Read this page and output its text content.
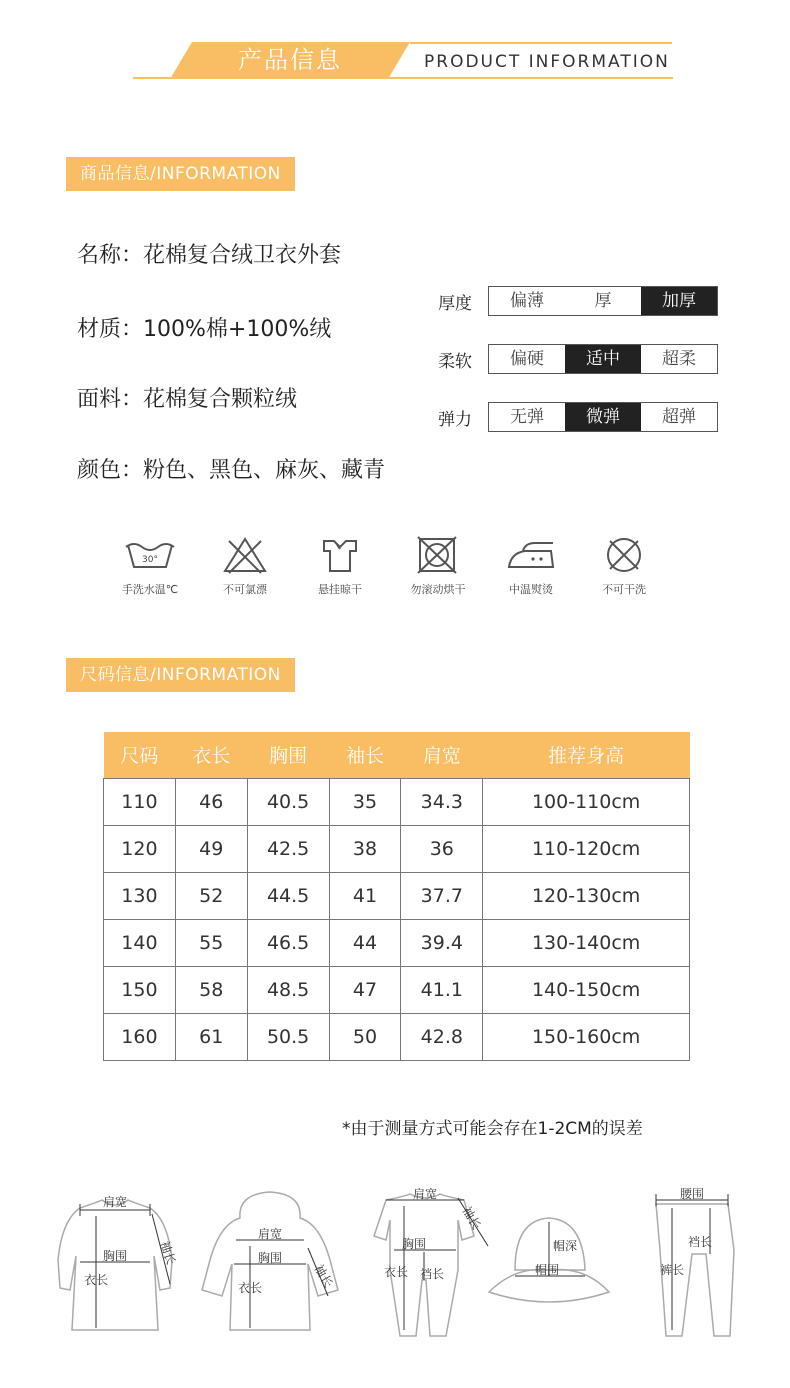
产品信息	PRODUCT INFORMATION
商品信息/INFORMATION
名称：花棉复合绒卫衣外套
材质：100%棉+100%绒
面料：花棉复合颗粒绒
颜色：粉色、黑色、麻灰、藏青
厚度	偏薄	厚	加厚
柔软	偏硬	适中	超柔
弹力	无弹	微弹	超弹
30°
手洗水温℃	不可氯漂	悬挂晾干	勿滚动烘干	中温熨烫	不可干洗
尺码信息/INFORMATION
尺码	衣长	胸围	袖长	肩宽	推荐身高
110	46	40.5	35	34.3	100-110cm
120	49	42.5	38	36	110-120cm
130	52	44.5	41	37.7	120-130cm
140	55	46.5	44	39.4	130-140cm
150	58	48.5	47	41.1	140-150cm
160	61	50.5	50	42.8	150-160cm
*由于测量方式可能会存在1-2CM的误差
肩宽
胸围
衣长
袖长
肩宽
胸围
衣长	袖长
肩宽
胸围
衣长 裆长
袖长
帽深
帽围
腰围
裆长
裤长
